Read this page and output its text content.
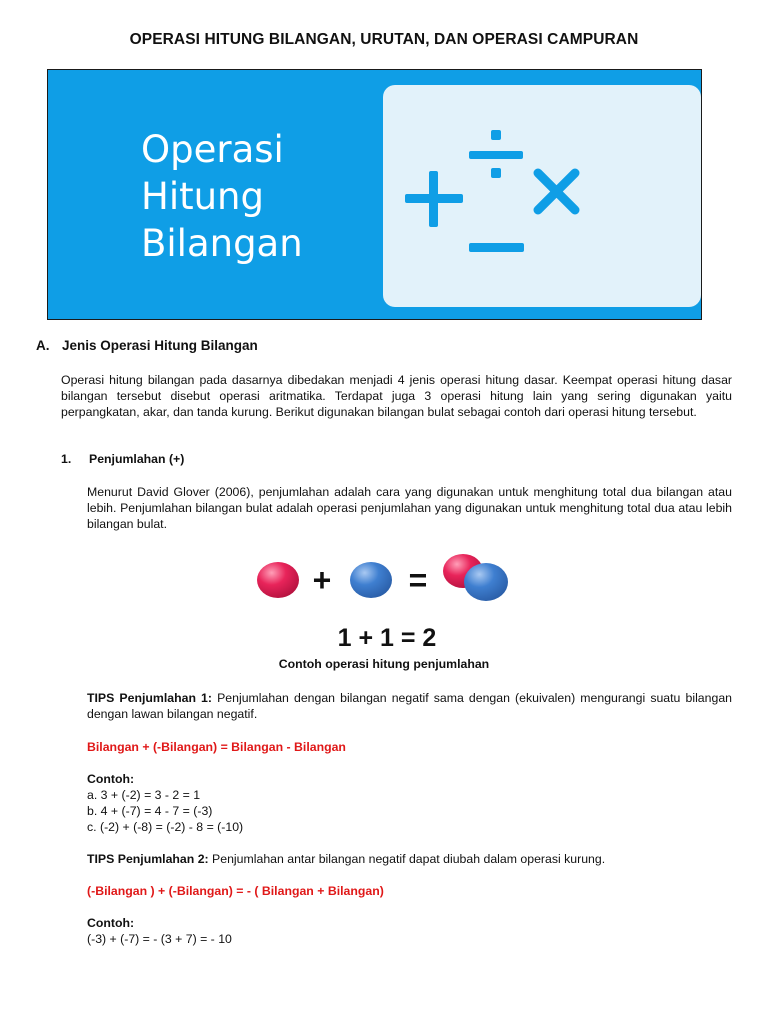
OPERASI HITUNG BILANGAN, URUTAN, DAN OPERASI CAMPURAN
Operasi
Hitung
Bilangan
A. Jenis Operasi Hitung Bilangan

Operasi hitung bilangan pada dasarnya dibedakan menjadi 4 jenis operasi hitung dasar. Keempat operasi hitung dasar bilangan tersebut disebut operasi aritmatika. Terdapat juga 3 operasi hitung lain yang sering digunakan yaitu perpangkatan, akar, dan tanda kurung. Berikut digunakan bilangan bulat sebagai contoh dari operasi hitung tersebut.

1. Penjumlahan (+)

Menurut David Glover (2006), penjumlahan adalah cara yang digunakan untuk menghitung total dua bilangan atau lebih. Penjumlahan bilangan bulat adalah operasi penjumlahan yang digunakan untuk menghitung total dua atau lebih bilangan bulat.

+ =
1 + 1 = 2
Contoh operasi hitung penjumlahan

TIPS Penjumlahan 1: Penjumlahan dengan bilangan negatif sama dengan (ekuivalen) mengurangi suatu bilangan dengan lawan bilangan negatif.

Bilangan + (-Bilangan) = Bilangan - Bilangan

Contoh:

a. 3 + (-2) = 3 - 2 = 1

b. 4 + (-7) = 4 - 7 = (-3)

c. (-2) + (-8) = (-2) - 8 = (-10)

TIPS Penjumlahan 2: Penjumlahan antar bilangan negatif dapat diubah dalam operasi kurung.

(-Bilangan ) + (-Bilangan) = - ( Bilangan + Bilangan)

Contoh:

(-3) + (-7) = - (3 + 7) = - 10
